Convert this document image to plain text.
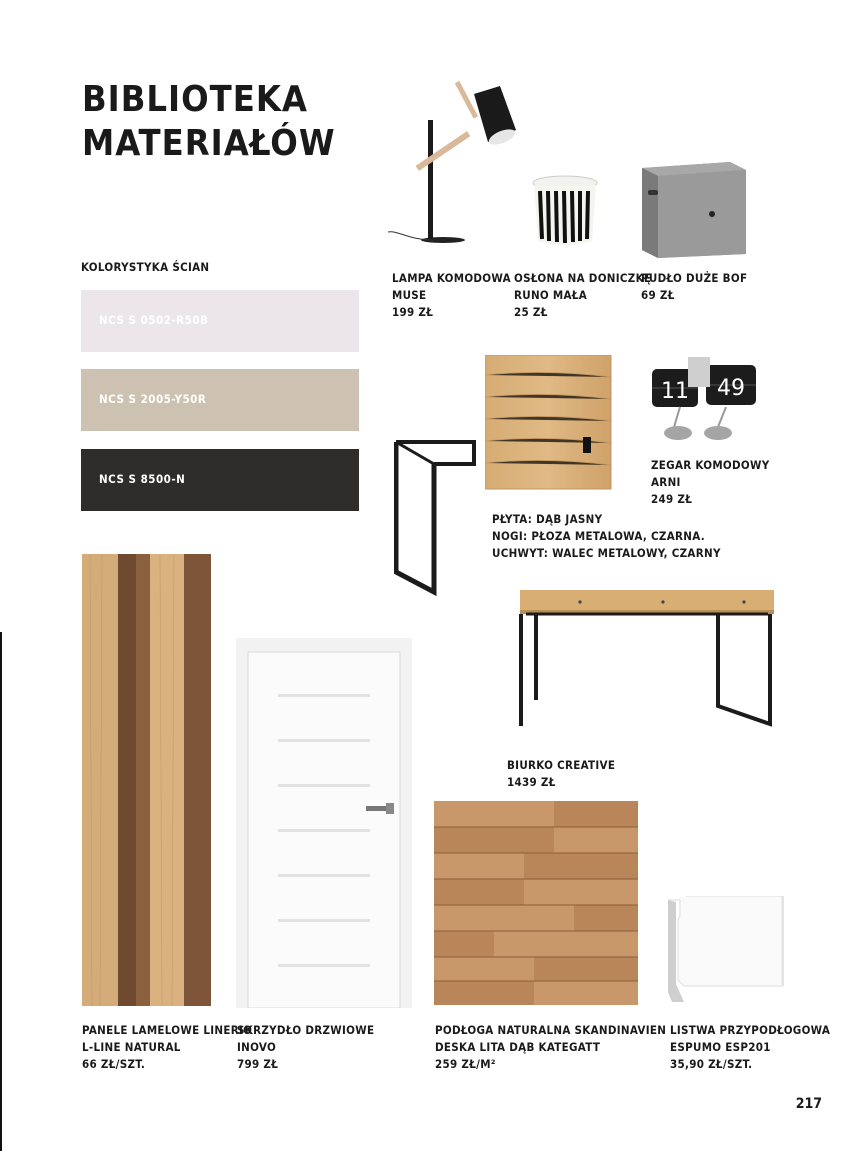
BIBLIOTEKA
MATERIAŁÓW
KOLORYSTYKA ŚCIAN
NCS S 0502-R50B
NCS S 2005-Y50R
NCS S 8500-N
LAMPA KOMODOWA
MUSE
199 ZŁ
OSŁONA NA DONICZKĘ
RUNO MAŁA
25 ZŁ
PUDŁO DUŻE BOF
69 ZŁ
11 49
ZEGAR KOMODOWY
ARNI
249 ZŁ
PŁYTA: DĄB JASNY
NOGI: PŁOZA METALOWA, CZARNA.
UCHWYT: WALEC METALOWY, CZARNY
BIURKO CREATIVE
1439 ZŁ
PANELE LAMELOWE LINERIO
L-LINE NATURAL
66 ZŁ/SZT.
SKRZYDŁO DRZWIOWE
INOVO
799 ZŁ
PODŁOGA NATURALNA SKANDINAVIEN
DESKA LITA DĄB KATEGATT
259 ZŁ/M²
LISTWA PRZYPODŁOGOWA
ESPUMO ESP201
35,90 ZŁ/SZT.
217
